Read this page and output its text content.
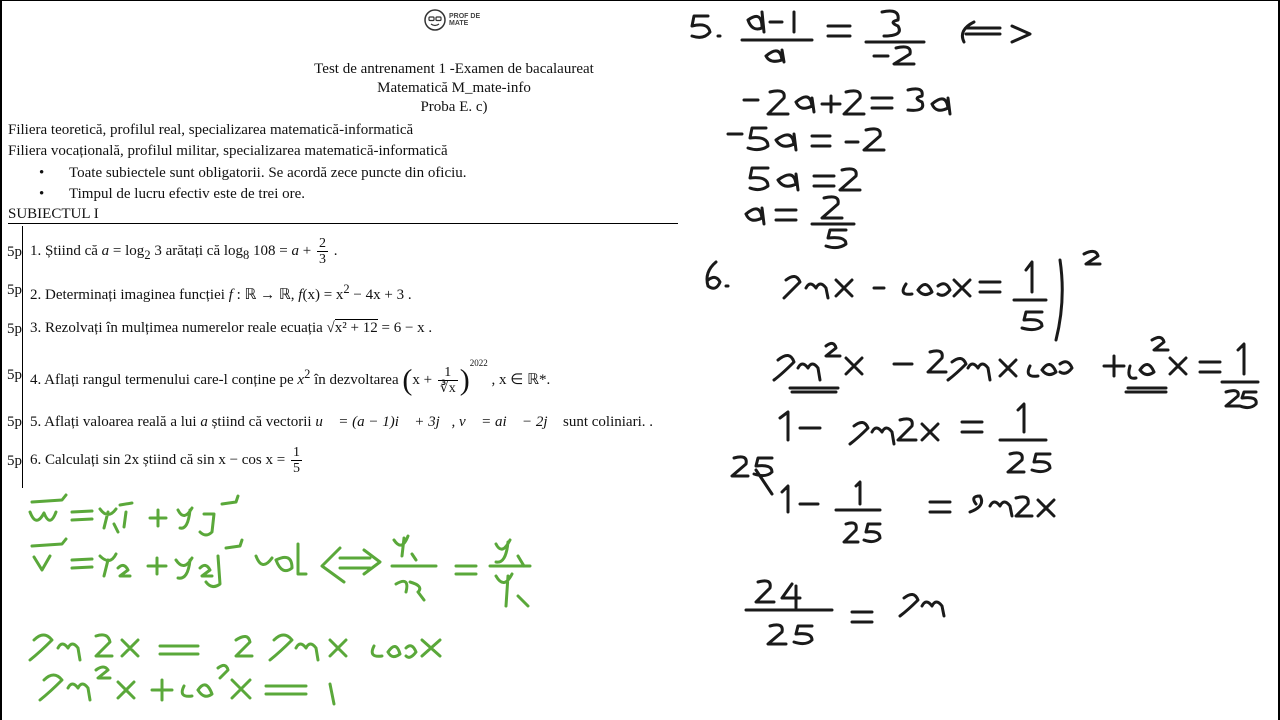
PROF DE
MATE
Test de antrenament 1 -Examen de bacalaureat
Matematică M_mate-info
Proba E. c)
Filiera teoretică, profilul real, specializarea matematică-informatică
Filiera vocațională, profilul militar, specializarea matematică-informatică
• Toate subiectele sunt obligatorii. Se acordă zece puncte din oficiu.
• Timpul de lucru efectiv este de trei ore.
SUBIECTUL I
5p
5p
5p
5p
5p
5p
1. Știind că $a = \log_2 3$ arătați că $\log_8 108 = a + \frac{2}{3}$ .
2. Determinați imaginea funcției f : ℝ → ℝ, $f(x) = x^2 - 4x + 3$ .
3. Rezolvați în mulțimea numerelor reale ecuația √x² + 12 = 6 − x .
4. Aflați rangul termenului care-l conține pe $x^2$ în dezvoltarea $(x + \frac{1}{∛x} )^{2022}$ , x ∈ ℝ*.
5. Aflați valoarea reală a lui a știind că vectorii u⃗ = (a − 1)i⃗ + 3j⃗, v⃗ = ai⃗ − 2j⃗ sunt coliniari. .
6. Calculați sin 2x știind că $\sin x - \cos x = \frac{1}{5}$
